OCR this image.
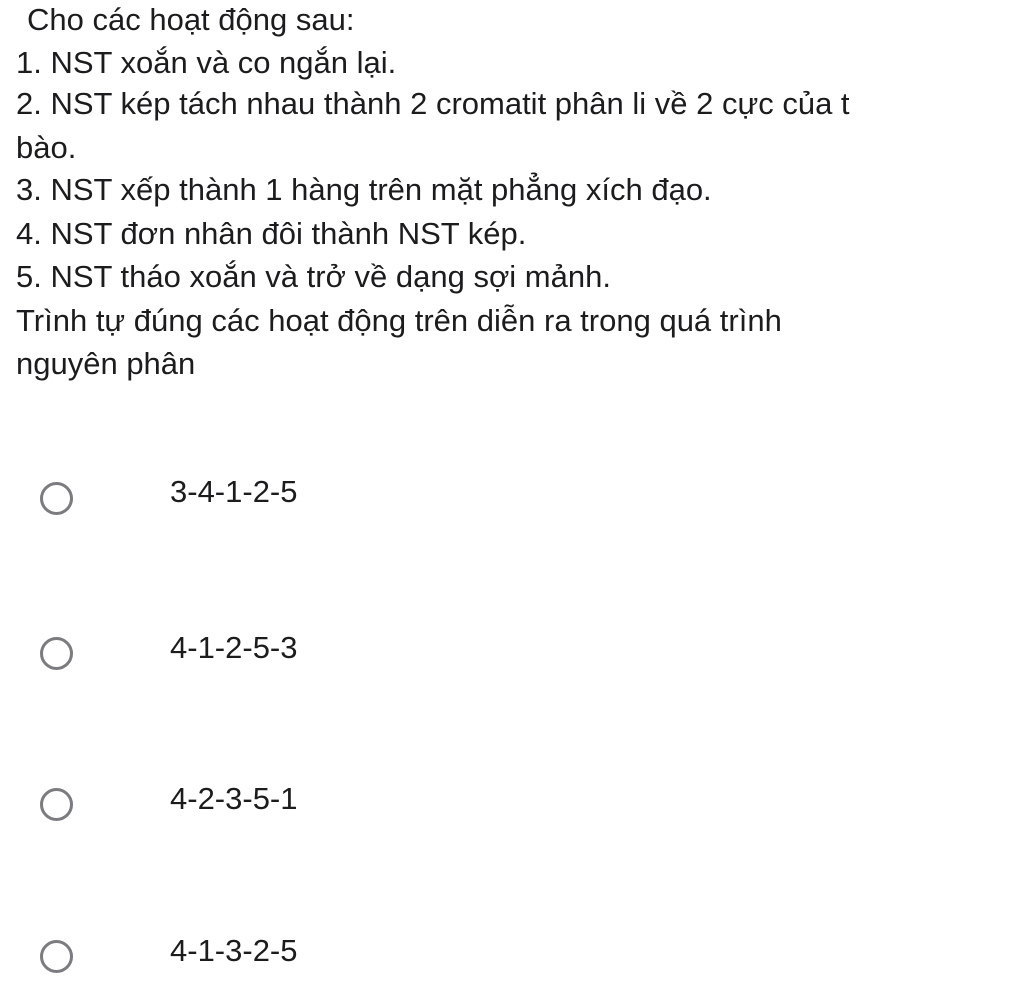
Cho các hoạt động sau:
1. NST xoắn và co ngắn lại.
2. NST kép tách nhau thành 2 cromatit phân li về 2 cực của t
bào.
3. NST xếp thành 1 hàng trên mặt phẳng xích đạo.
4. NST đơn nhân đôi thành NST kép.
5. NST tháo xoắn và trở về dạng sợi mảnh.
Trình tự đúng các hoạt động trên diễn ra trong quá trình
nguyên phân
3-4-1-2-5
4-1-2-5-3
4-2-3-5-1
4-1-3-2-5
